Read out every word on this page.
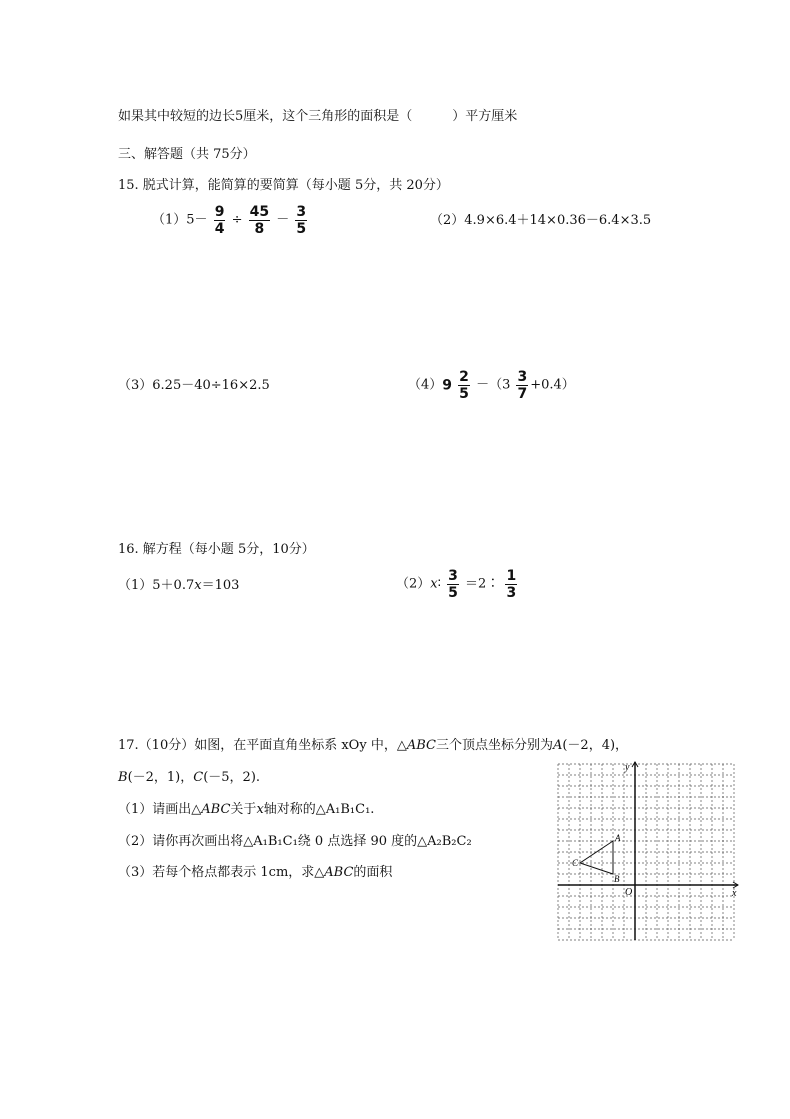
如果其中较短的边长5厘米，这个三角形的面积是（	）平方厘米
三、解答题（共 75分）
15. 脱式计算，能简算的要简算（每小题 5分，共 20分）
$(1)5- \frac{9}{4} \div \frac{45}{8} - \frac{3}{5}$	（2）4.9×6.4＋14×0.36－6.4×3.5
（3）6.25－40÷16×2.5	$(4)9 \frac{2}{5} -(3 \frac{3}{7} +0.4)$
16. 解方程（每小题 5分，10分）
（1）5＋0.7x＝103	（2）x∶ $\frac{3}{5}$ ＝2∶ $\frac{1}{3}$
17.（10分）如图，在平面直角坐标系 xOy 中，△ABC三个顶点坐标分别为A(－2，4)，
B(－2，1)，C(－5，2).
（1）请画出△ABC关于x轴对称的△A₁B₁C₁.
（2）请你再次画出将△A₁B₁C₁绕 0 点选择 90 度的△A₂B₂C₂
（3）若每个格点都表示 1cm，求△ABC的面积
x
y
O
A
B
C
